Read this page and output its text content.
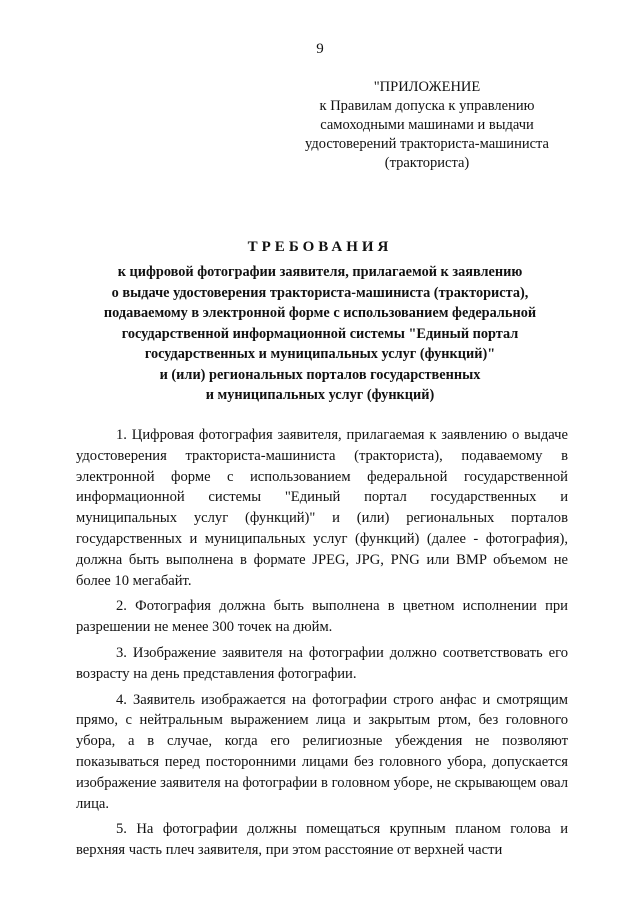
9
"ПРИЛОЖЕНИЕ
к Правилам допуска к управлению
самоходными машинами и выдачи
удостоверений тракториста-машиниста
(тракториста)
ТРЕБОВАНИЯ
к цифровой фотографии заявителя, прилагаемой к заявлению
о выдаче удостоверения тракториста-машиниста (тракториста),
подаваемому в электронной форме с использованием федеральной
государственной информационной системы "Единый портал
государственных и муниципальных услуг (функций)"
и (или) региональных порталов государственных
и муниципальных услуг (функций)

1. Цифровая фотография заявителя, прилагаемая к заявлению о выдаче удостоверения тракториста-машиниста (тракториста), подаваемому в электронной форме с использованием федеральной государственной информационной системы "Единый портал государственных и муниципальных услуг (функций)" и (или) региональных порталов государственных и муниципальных услуг (функций) (далее - фотография), должна быть выполнена в формате JPEG, JPG, PNG или BMP объемом не более 10 мегабайт.

2. Фотография должна быть выполнена в цветном исполнении при разрешении не менее 300 точек на дюйм.

3. Изображение заявителя на фотографии должно соответствовать его возрасту на день представления фотографии.

4. Заявитель изображается на фотографии строго анфас и смотрящим прямо, с нейтральным выражением лица и закрытым ртом, без головного убора, а в случае, когда его религиозные убеждения не позволяют показываться перед посторонними лицами без головного убора, допускается изображение заявителя на фотографии в головном уборе, не скрывающем овал лица.

5. На фотографии должны помещаться крупным планом голова и верхняя часть плеч заявителя, при этом расстояние от верхней части
